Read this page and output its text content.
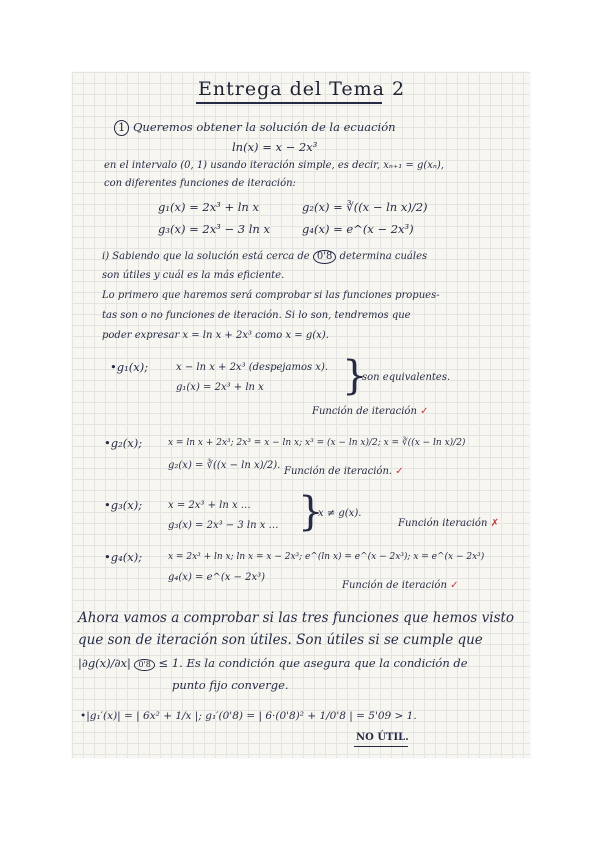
Entrega del Tema 2
1 Queremos obtener la solución de la ecuación
ln(x) = x − 2x³
en el intervalo (0, 1) usando iteración simple, es decir, xₙ₊₁ = g(xₙ),
con diferentes funciones de iteración:
g₁(x) = 2x³ + ln x	g₂(x) = ∛((x − ln x)/2)
g₃(x) = 2x³ − 3 ln x	g₄(x) = e^(x − 2x³)
i) Sabiendo que la solución está cerca de 0'8 determina cuáles
son útiles y cuál es la más eficiente.
Lo primero que haremos será comprobar si las funciones propues-
tas son o no funciones de iteración. Si lo son, tendremos que
poder expresar x = ln x + 2x³ como x = g(x).
•g₁(x);	x − ln x + 2x³ (despejamos x).
g₁(x) = 2x³ + ln x }
son equivalentes.
Función de iteración ✓
•g₂(x);	x = ln x + 2x³; 2x³ = x − ln x; x³ = (x − ln x)/2; x = ∛((x − ln x)/2)
g₂(x) = ∛((x − ln x)/2).
Función de iteración. ✓
•g₃(x);	x = 2x³ + ln x …
g₃(x) = 2x³ − 3 ln x … }
x ≠ g(x).
Función iteración ✗
•g₄(x);	x = 2x³ + ln x; ln x = x − 2x³; e^(ln x) = e^(x − 2x³); x = e^(x − 2x³)
g₄(x) = e^(x − 2x³)
Función de iteración ✓
Ahora vamos a comprobar si las tres funciones que hemos visto
que son de iteración son útiles. Son útiles si se cumple que
|∂g(x)/∂x| 0'8 ≤ 1. Es la condición que asegura que la condición de
punto fijo converge.
•|g₁′(x)| = | 6x² + 1/x |; g₁′(0'8) = | 6·(0'8)² + 1/0'8 | = 5'09 > 1.
NO ÚTIL.
